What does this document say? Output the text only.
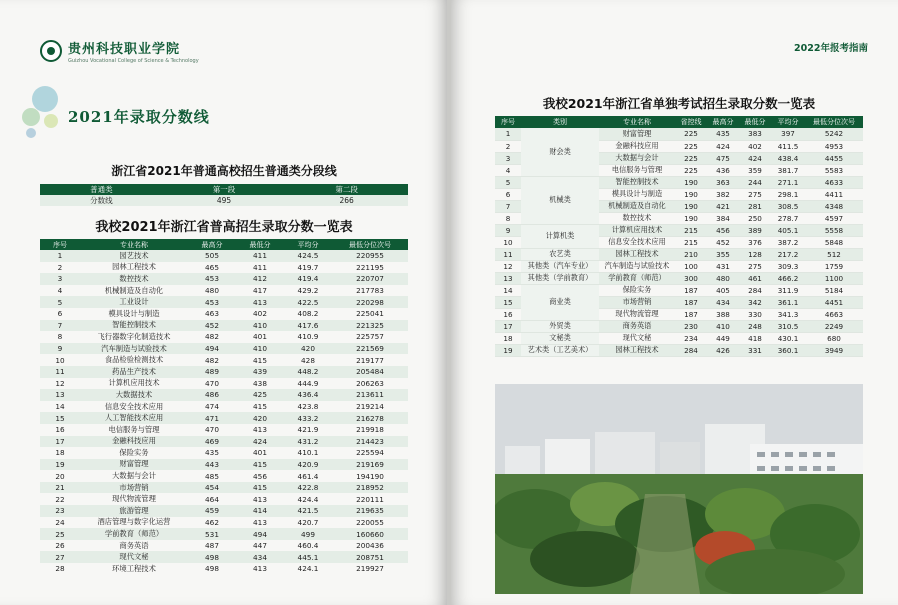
贵州科技职业学院
Guizhou Vocational College of Science & Technology
2021年录取分数线
浙江省2021年普通高校招生普通类分段线
普通类	第一段	第二段
分数线	495	266
我校2021年浙江省普高招生录取分数一览表
序号	专业名称	最高分	最低分	平均分	最低分位次号
1	园艺技术	505	411	424.5	220955
2	园林工程技术	465	411	419.7	221195
3	数控技术	453	412	419.4	220707
4	机械制造及自动化	480	417	429.2	217783
5	工业设计	453	413	422.5	220298
6	模具设计与制造	463	402	408.2	225041
7	智能控制技术	452	410	417.6	221325
8	飞行器数字化制造技术	482	401	410.9	225757
9	汽车制造与试验技术	494	410	420	221569
10	食品检验检测技术	482	415	428	219177
11	药品生产技术	489	439	448.2	205484
12	计算机应用技术	470	438	444.9	206263
13	大数据技术	486	425	436.4	213611
14	信息安全技术应用	474	415	423.8	219214
15	人工智能技术应用	471	420	433.2	216278
16	电信服务与管理	470	413	421.9	219918
17	金融科技应用	469	424	431.2	214423
18	保险实务	435	401	410.1	225594
19	财富管理	443	415	420.9	219169
20	大数据与会计	485	456	461.4	194190
21	市场营销	454	415	422.8	218952
22	现代物流管理	464	413	424.4	220111
23	旅游管理	459	414	421.5	219635
24	酒店管理与数字化运营	462	413	420.7	220055
25	学前教育（师范）	531	494	499	160660
26	商务英语	487	447	460.4	200436
27	现代文秘	498	434	445.1	208751
28	环境工程技术	498	413	424.1	219927
2022年报考指南
我校2021年浙江省单独考试招生录取分数一览表
序号	类别	专业名称	省控线	最高分	最低分	平均分	最低分位次号
1	财会类	财富管理	225	435	383	397	5242
2		金融科技应用	225	424	402	411.5	4953
3		大数据与会计	225	475	424	438.4	4455
4		电信服务与管理	225	436	359	381.7	5583
5	机械类	智能控制技术	190	363	244	271.1	4633
6		模具设计与制造	190	382	275	298.1	4411
7		机械制造及自动化	190	421	281	308.5	4348
8		数控技术	190	384	250	278.7	4597
9	计算机类	计算机应用技术	215	456	389	405.1	5558
10		信息安全技术应用	215	452	376	387.2	5848
11	农艺类	园林工程技术	210	355	128	217.2	512
12	其他类（汽车专业）	汽车制造与试验技术	100	431	275	309.3	1759
13	其他类（学前教育）	学前教育（师范）	300	480	461	466.2	1100
14	商业类	保险实务	187	405	284	311.9	5184
15		市场营销	187	434	342	361.1	4451
16		现代物流管理	187	388	330	341.3	4663
17	外贸类	商务英语	230	410	248	310.5	2249
18	文秘类	现代文秘	234	449	418	430.1	680
19	艺术类（工艺美术）	园林工程技术	284	426	331	360.1	3949
